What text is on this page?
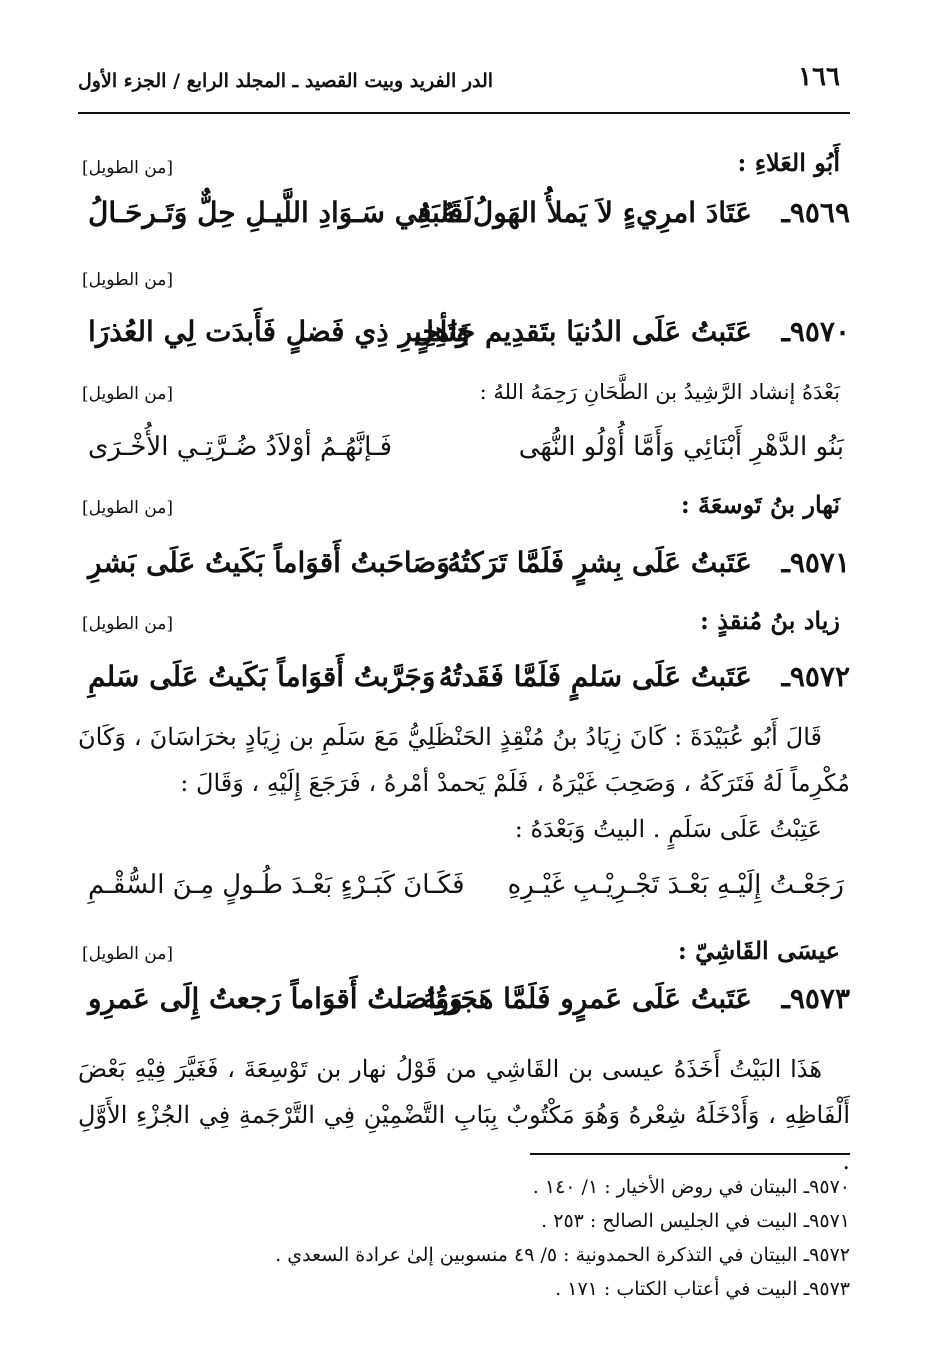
١٦٦
الدر الفريد وبيت القصيد ـ المجلد الرابع / الجزء الأول
أَبُو العَلاءِ :
[من الطويل]
٩٥٦٩ـ
عَتَادَ امرِيءٍ لاَ يَملأُ الهَولُ قَلبَهُ
لَـهُ فِي سَـوَادِ اللَّيـلِ حِلٌّ وَتَـرحَـالُ
[من الطويل]
٩٥٧٠ـ
عَتَبتُ عَلَى الدُنيَا بتَقدِيم جَاهِلٍ
وَتَأخِيرِ ذِي فَضلٍ فَأَبدَت لِي العُذرَا
بَعْدَهُ إنشاد الرَّشِيدُ بن الطَّحَانِ رَحِمَهُ اللهُ :
[من الطويل]
بَنُو الدَّهْرِ أَبْنَائِي وَأَمَّا أُوْلُو النُّهَى
فَـإنَّهُـمُ أوْلاَدُ ضُـرَّتِـي الأُخْـرَى
نَهار بنُ تَوسعَةَ :
[من الطويل]
٩٥٧١ـ
عَتَبتُ عَلَى بِشرٍ فَلَمَّا تَرَكتُهُ
وَصَاحَبتُ أَقوَاماً بَكَيتُ عَلَى بَشرِ
زياد بنُ مُنقذٍ :
[من الطويل]
٩٥٧٢ـ
عَتَبتُ عَلَى سَلمٍ فَلَمَّا فَقَدتُهُ
وَجَرَّبتُ أَقوَاماً بَكَيتُ عَلَى سَلمِ

قَالَ أَبُو عُبَيْدَةَ : كَانَ زِيَادُ بنُ مُنْقِذٍ الحَنْظَلِيُّ مَعَ سَلَمِ بن زِيَادٍ بخرَاسَانَ ، وَكَانَ مُكْرِماً لَهُ فَتَرَكَهُ ، وَصَحِبَ غَيْرَهُ ، فَلَمْ يَحمدْ أمْرهُ ، فَرَجَعَ إِلَيْهِ ، وَقَالَ :

عَتِبْتُ عَلَى سَلَمٍ . البيتُ وَبَعْدَهُ :
رَجَعْـتُ إِلَيْـهِ بَعْـدَ تَجْـرِيْـبِ غَيْـرِهِ
فَكَـانَ كَبَـرْءٍ بَعْـدَ طُـولٍ مِـنَ السُّقْـمِ
عيسَى القَاشِيّ :
[من الطويل]
٩٥٧٣ـ
عَتَبتُ عَلَى عَمرٍو فَلَمَّا هَجَرتُهُ
وَوَاصَلتُ أَقوَاماً رَجعتُ إِلَى عَمرِو

هَذَا البَيْتُ أَخَذَهُ عيسى بن القَاشِي من قَوْلُ نهار بن تَوْسِعَةَ ، فَغَيَّرَ فِيْهِ بَعْضَ أَلْفَاظِهِ ، وَأَدْخَلَهُ شِعْرهُ وَهُوَ مَكْتُوبٌ بِبَابِ التَّضْمِيْنِ فِي التَّرْجَمةِ فِي الجُزْءِ الأَوَّلِ .

٩٥٧٠ـ البيتان في روض الأخيار : ١/ ١٤٠ .
٩٥٧١ـ البيت في الجليس الصالح : ٢٥٣ .
٩٥٧٢ـ البيتان في التذكرة الحمدونية : ٥/ ٤٩ منسوبين إلىٰ عرادة السعدي .
٩٥٧٣ـ البيت في أعتاب الكتاب : ١٧١ .
